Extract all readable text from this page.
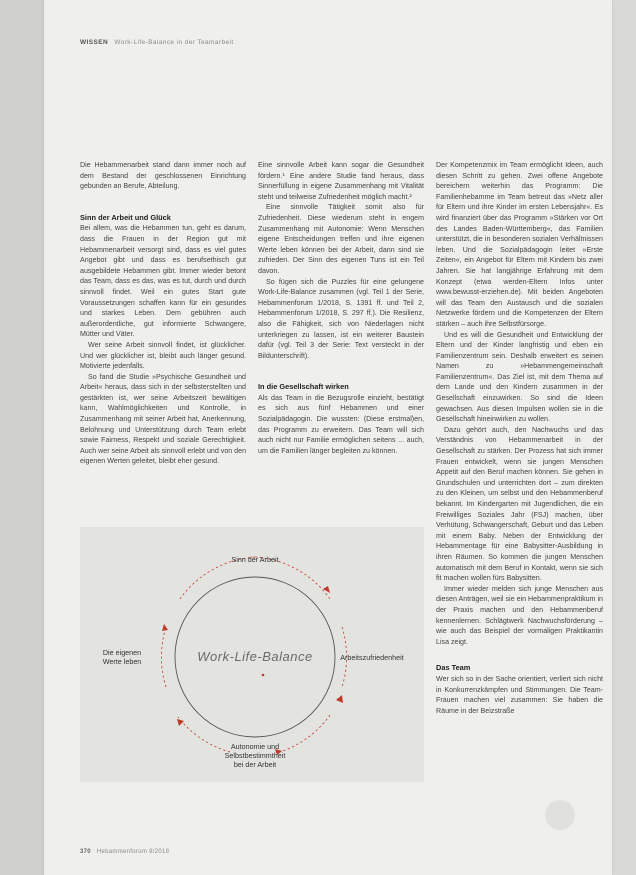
WISSEN Work-Life-Balance in der Teamarbeit

Die Hebammenarbeit stand dann immer noch auf dem Bestand der geschlossenen Einrichtung gebunden an Berufe, Abteilung.

Sinn der Arbeit und Glück

Bei allem, was die Hebammen tun, geht es darum, dass die Frauen in der Region gut mit Hebammenarbeit versorgt sind, dass es viel gutes Angebot gibt und dass es berufsethisch gut ausgebildete Hebammen gibt. Immer wieder betont das Team, dass es das, was es tut, durch und durch sinnvoll findet. Weil ein gutes Start gute Voraussetzungen schaffen kann für ein gesundes und starkes Leben. Dem gebühren auch außerordentliche, gut informierte Schwangere, Mütter und Väter.

Wer seine Arbeit sinnvoll findet, ist glücklicher. Und wer glücklicher ist, bleibt auch länger gesund. Motivierte jedenfalls.

So fand die Studie »Psychische Gesundheit und Arbeit« heraus, dass sich in der selbsterstellten und gestärkten ist, wer seine Arbeitszeit bewältigen kann, Wahlmöglichkeiten und Kontrolle, in Zusammenhang mit seiner Arbeit hat, Anerkennung, Belohnung und Unterstützung durch Team erlebt sowie Fairness, Respekt und soziale Gerechtigkeit. Auch wer seine Arbeit als sinnvoll erlebt und von den eigenen Werten geleitet, bleibt eher gesund.

Eine sinnvolle Arbeit kann sogar die Gesundheit fördern.¹ Eine andere Studie fand heraus, dass Sinnerfüllung in eigene Zusammenhang mit Vitalität steht und teilweise Zufriedenheit möglich macht.²

Eine sinnvolle Tätigkeit somit also für Zufriedenheit. Diese wiederum steht in engem Zusammenhang mit Autonomie: Wenn Menschen eigene Entscheidungen treffen und ihre eigenen Werte leben können bei der Arbeit, dann sind sie zufrieden. Der Sinn des eigenen Tuns ist ein Teil davon.

So fügen sich die Puzzles für eine gelungene Work-Life-Balance zusammen (vgl. Teil 1 der Serie, Hebammenforum 1/2018, S. 1391 ff. und Teil 2, Hebammenforum 1/2018, S. 297 ff.). Die Resilienz, also die Fähigkeit, sich von Niederlagen nicht unterkriegen zu lassen, ist ein weiterer Baustein dafür (vgl. Teil 3 der Serie: Text versteckt in der Bildunterschrift).

In die Gesellschaft wirken

Als das Team in die Bezugsrolle einzieht, bestätigt es sich aus fünf Hebammen und einer Sozialpädagogin. Die wussten: (Diese erstmal)en, das Programm zu erweitern. Das Team will sich auch nicht nur Familie ermöglichen seitens ... auch, um die Familien länger begleiten zu können.

Der Kompetenzmix im Team ermöglicht Ideen, auch diesen Schritt zu gehen. Zwei offene Angebote bereichern weiterhin das Programm: Die Familienhebamme im Team betreut das »Netz aller für Eltern und ihre Kinder im ersten Lebensjahr«. Es wird finanziert über das Programm »Stärken vor Ort des Landes Baden-Württemberg«, das Familien unterstützt, die in besonderen sozialen Verhältnissen leben. Und die Sozialpädagogin leitet »Erste Zeiten«, ein Angebot für Eltern mit Kindern bis zwei Jahren. Sie hat langjährige Erfahrung mit dem Konzept (etwa werden-Eltern Infos unter www.bewusst-erziehen.de). Mit beiden Angeboten will das Team den Austausch und die sozialen Netzwerke fördern und die Kompetenzen der Eltern stärken – auch ihre Selbstfürsorge.

Und es will die Gesundheit und Entwicklung der Eltern und der Kinder langfristig und eben ein Familienzentrum sein. Deshalb erweitert es seinen Namen zu »Hebammengemeinschaft Familienzentrum«. Das Ziel ist, mit dem Thema auf dem Lande und den Kindern zusammen in der Gesellschaft einzuwirken. So sind die Ideen gewachsen. Aus diesen Impulsen wollen sie in die Gesellschaft hineinwirken zu wollen.

Dazu gehört auch, den Nachwuchs und das Verständnis von Hebammenarbeit in der Gesellschaft zu stärken. Der Prozess hat sich immer Frauen entwickelt, wenn sie jungen Menschen Appetit auf den Beruf machen können. Sie gehen in Grundschulen und unterrichten dort – zum direkten zu den Kleinen, um selbst und den Hebammenberuf bekannt. Im Kindergarten mit Jugendlichen, die ein Freiwilliges Soziales Jahr (FSJ) machen, über Verhütung, Schwangerschaft, Geburt und das Leben mit einem Baby. Neben der Entwicklung der Hebammentage für eine Babysitter-Ausbildung in ihren Räumen. So kommen die jungen Menschen automatisch mit dem Beruf in Kontakt, wenn sie sich fit machen wollen fürs Babysitten.

Immer wieder melden sich junge Menschen aus diesen Anträgen, weil sie ein Hebammenpraktikum in der Praxis machen und den Hebammenberuf kennenlernen. Schlägtwerk Nachwuchsförderung – wie auch das Beispiel der vormaligen Praktikantin Lisa zeigt.

Das Team

Wer sich so in der Sache orientiert, verliert sich nicht in Konkurrenzkämpfen und Stimmungen. Die Team-Frauen machen viel zusammen: Sie haben die Räume in der Beizstraße

Work-Life-Balance
Sinn der Arbeit
Arbeitszufriedenheit
Die eigenen
Werte leben
Autonomie und
Selbstbestimmtheit
bei der Arbeit
370 Hebammenforum 9/2018
